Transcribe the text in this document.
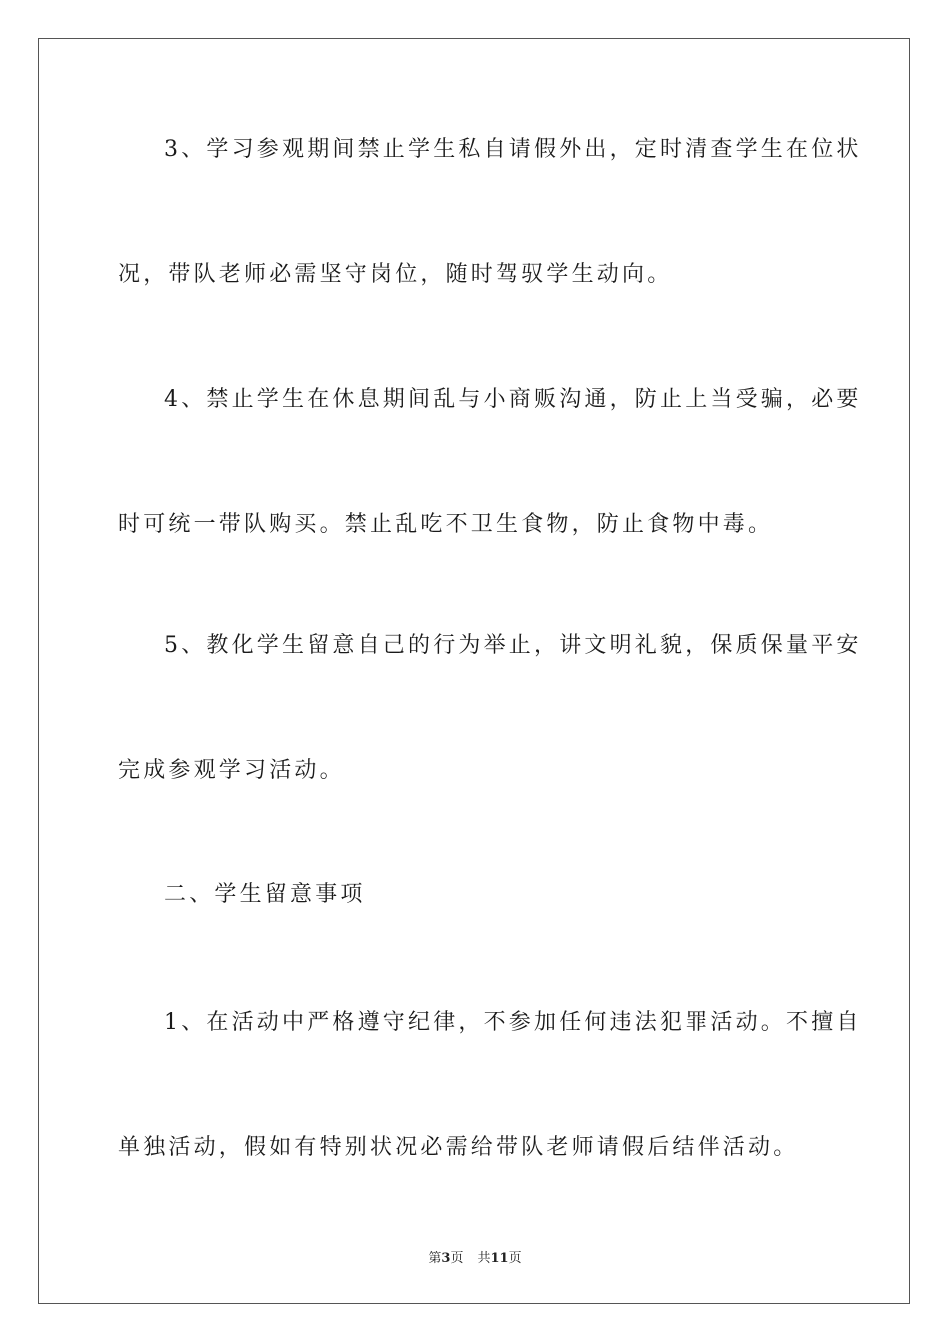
3、学习参观期间禁止学生私自请假外出，定时清查学生在位状
况，带队老师必需坚守岗位，随时驾驭学生动向。
4、禁止学生在休息期间乱与小商贩沟通，防止上当受骗，必要
时可统一带队购买。禁止乱吃不卫生食物，防止食物中毒。
5、教化学生留意自己的行为举止，讲文明礼貌，保质保量平安
完成参观学习活动。
二、学生留意事项
1、在活动中严格遵守纪律，不参加任何违法犯罪活动。不擅自
单独活动，假如有特别状况必需给带队老师请假后结伴活动。
第3页 共11页
